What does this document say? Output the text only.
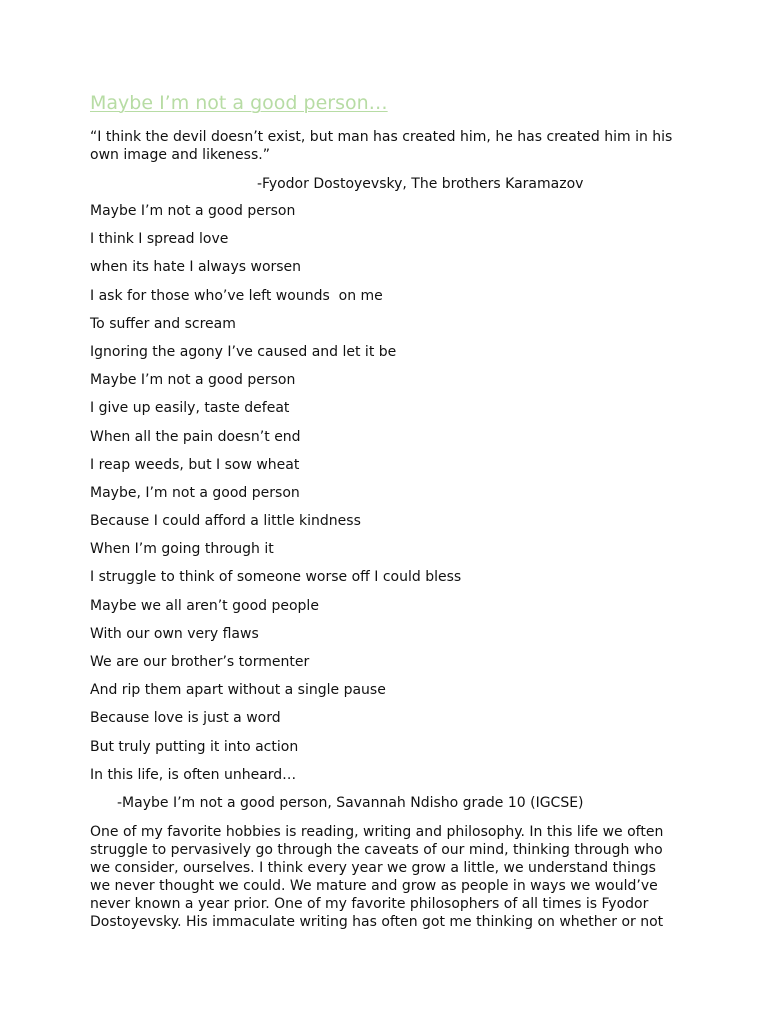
Maybe I’m not a good person…

“I think the devil doesn’t exist, but man has created him, he has created him in his own image and likeness.”

-Fyodor Dostoyevsky, The brothers Karamazov

Maybe I’m not a good person
I think I spread love
when its hate I always worsen
I ask for those who’ve left wounds  on me
To suffer and scream
Ignoring the agony I’ve caused and let it be
Maybe I’m not a good person
I give up easily, taste defeat
When all the pain doesn’t end
I reap weeds, but I sow wheat
Maybe, I’m not a good person
Because I could afford a little kindness
When I’m going through it
I struggle to think of someone worse off I could bless
Maybe we all aren’t good people
With our own very flaws
We are our brother’s tormenter
And rip them apart without a single pause
Because love is just a word
But truly putting it into action
In this life, is often unheard…

-Maybe I’m not a good person, Savannah Ndisho grade 10 (IGCSE)

One of my favorite hobbies is reading, writing and philosophy. In this life we often struggle to pervasively go through the caveats of our mind, thinking through who we consider, ourselves. I think every year we grow a little, we understand things we never thought we could. We mature and grow as people in ways we would’ve never known a year prior. One of my favorite philosophers of all times is Fyodor Dostoyevsky. His immaculate writing has often got me thinking on whether or not
